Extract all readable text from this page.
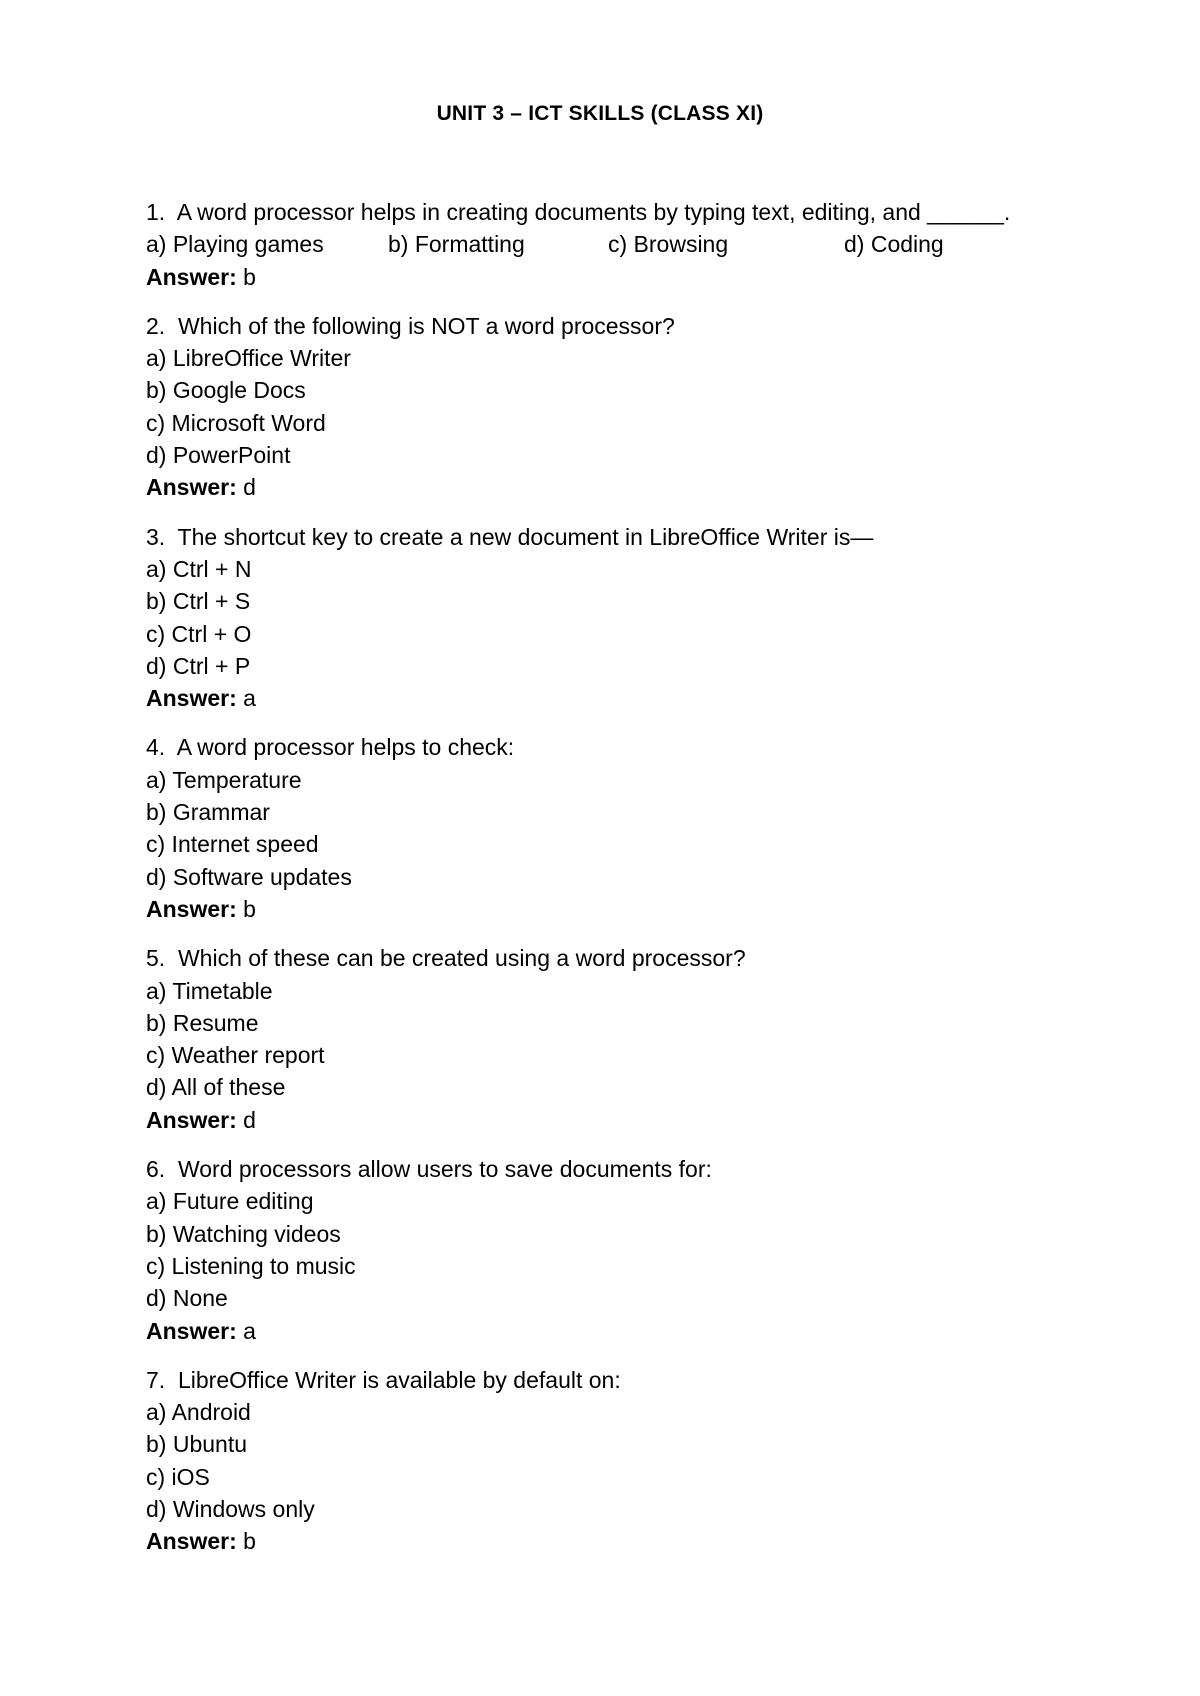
UNIT 3 – ICT SKILLS (CLASS XI)
1.  A word processor helps in creating documents by typing text, editing, and ______.
a) Playing games	b) Formatting	c) Browsing	d) Coding
Answer: b
2.  Which of the following is NOT a word processor?
a) LibreOffice Writer
b) Google Docs
c) Microsoft Word
d) PowerPoint
Answer: d
3.  The shortcut key to create a new document in LibreOffice Writer is—
a) Ctrl + N
b) Ctrl + S
c) Ctrl + O
d) Ctrl + P
Answer: a
4.  A word processor helps to check:
a) Temperature
b) Grammar
c) Internet speed
d) Software updates
Answer: b
5.  Which of these can be created using a word processor?
a) Timetable
b) Resume
c) Weather report
d) All of these
Answer: d
6.  Word processors allow users to save documents for:
a) Future editing
b) Watching videos
c) Listening to music
d) None
Answer: a
7.  LibreOffice Writer is available by default on:
a) Android
b) Ubuntu
c) iOS
d) Windows only
Answer: b
